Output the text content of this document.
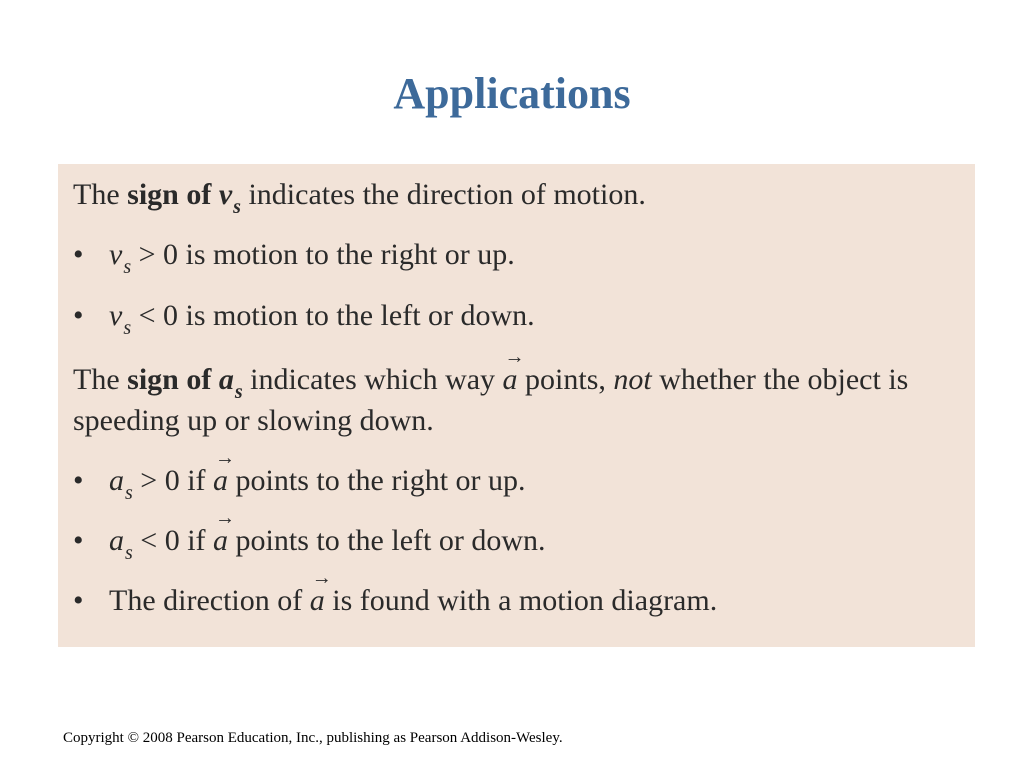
Applications
The sign of $v_s$ indicates the direction of motion.
• $v_s > 0$ is motion to the right or up.
• $v_s < 0$ is motion to the left or down.
The sign of $a_s$ indicates which way
→
a points, not whether the object is speeding up or slowing down.
• $a_s > 0$ if
→
a points to the right or up.
• $a_s < 0$ if
→
a points to the left or down.
• The direction of
→
a is found with a motion diagram.
Copyright © 2008 Pearson Education, Inc., publishing as Pearson Addison-Wesley.
